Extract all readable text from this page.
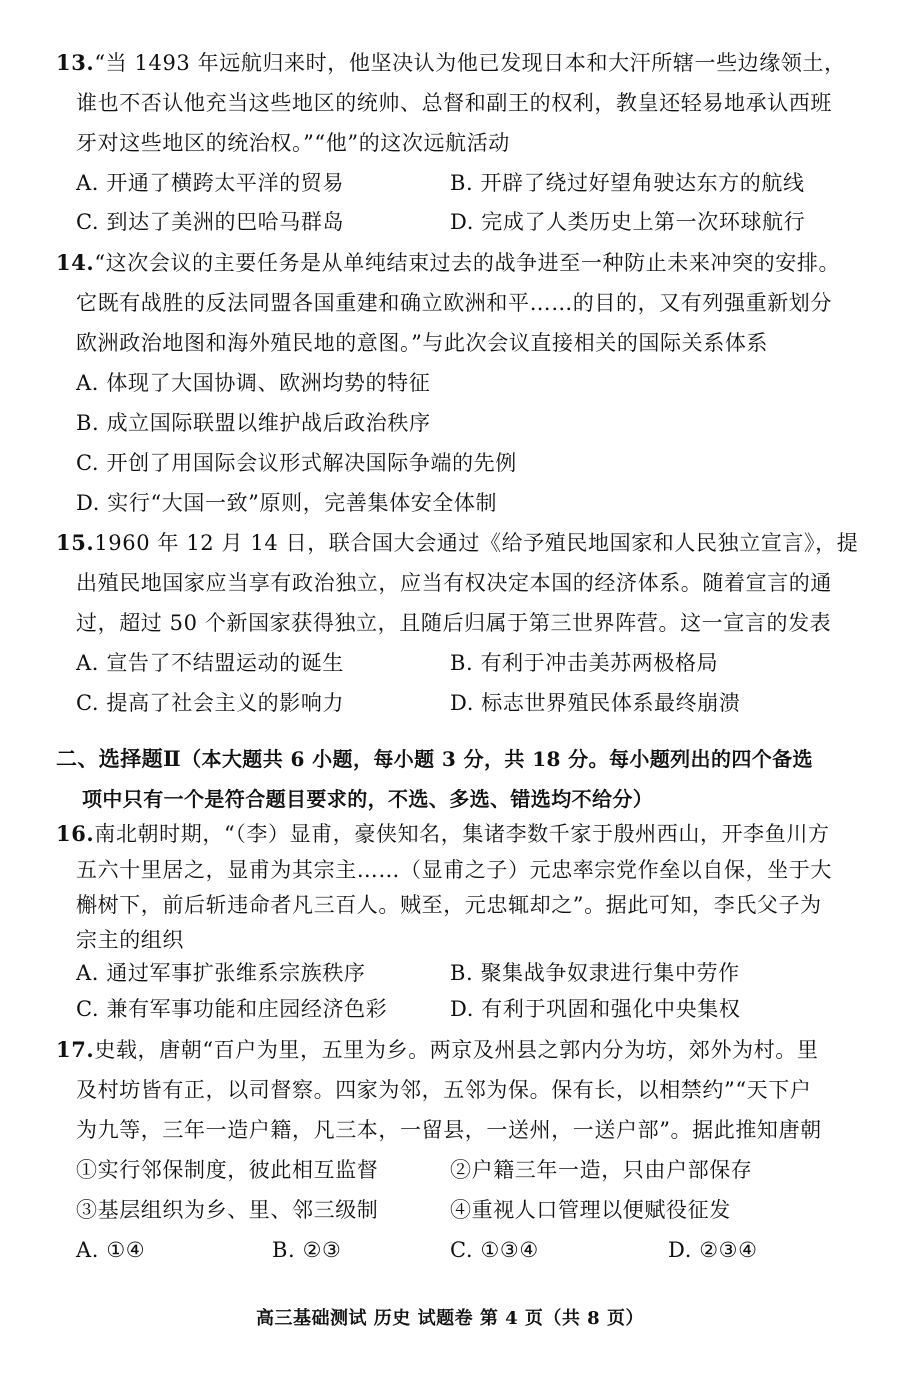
13.“当 1493 年远航归来时，他坚决认为他已发现日本和大汗所辖一些边缘领土，
谁也不否认他充当这些地区的统帅、总督和副王的权利，教皇还轻易地承认西班
牙对这些地区的统治权。”“他”的这次远航活动
A. 开通了横跨太平洋的贸易	B. 开辟了绕过好望角驶达东方的航线
C. 到达了美洲的巴哈马群岛	D. 完成了人类历史上第一次环球航行
14.“这次会议的主要任务是从单纯结束过去的战争进至一种防止未来冲突的安排。
它既有战胜的反法同盟各国重建和确立欧洲和平……的目的，又有列强重新划分
欧洲政治地图和海外殖民地的意图。”与此次会议直接相关的国际关系体系
A. 体现了大国协调、欧洲均势的特征
B. 成立国际联盟以维护战后政治秩序
C. 开创了用国际会议形式解决国际争端的先例
D. 实行“大国一致”原则，完善集体安全体制
15.1960 年 12 月 14 日，联合国大会通过《给予殖民地国家和人民独立宣言》，提
出殖民地国家应当享有政治独立，应当有权决定本国的经济体系。随着宣言的通
过，超过 50 个新国家获得独立，且随后归属于第三世界阵营。这一宣言的发表
A. 宣告了不结盟运动的诞生	B. 有利于冲击美苏两极格局
C. 提高了社会主义的影响力	D. 标志世界殖民体系最终崩溃
二、选择题Ⅱ（本大题共 6 小题，每小题 3 分，共 18 分。每小题列出的四个备选
项中只有一个是符合题目要求的，不选、多选、错选均不给分）
16.南北朝时期，“（李）显甫，豪侠知名，集诸李数千家于殷州西山，开李鱼川方
五六十里居之，显甫为其宗主……（显甫之子）元忠率宗党作垒以自保，坐于大
槲树下，前后斩违命者凡三百人。贼至，元忠辄却之”。据此可知，李氏父子为
宗主的组织
A. 通过军事扩张维系宗族秩序	B. 聚集战争奴隶进行集中劳作
C. 兼有军事功能和庄园经济色彩	D. 有利于巩固和强化中央集权
17.史载，唐朝“百户为里，五里为乡。两京及州县之郭内分为坊，郊外为村。里
及村坊皆有正，以司督察。四家为邻，五邻为保。保有长，以相禁约”“天下户
为九等，三年一造户籍，凡三本，一留县，一送州，一送户部”。据此推知唐朝
①实行邻保制度，彼此相互监督	②户籍三年一造，只由户部保存
③基层组织为乡、里、邻三级制	④重视人口管理以便赋役征发
A. ①④	B. ②③	C. ①③④	D. ②③④
高三基础测试 历史 试题卷 第 4 页（共 8 页）
